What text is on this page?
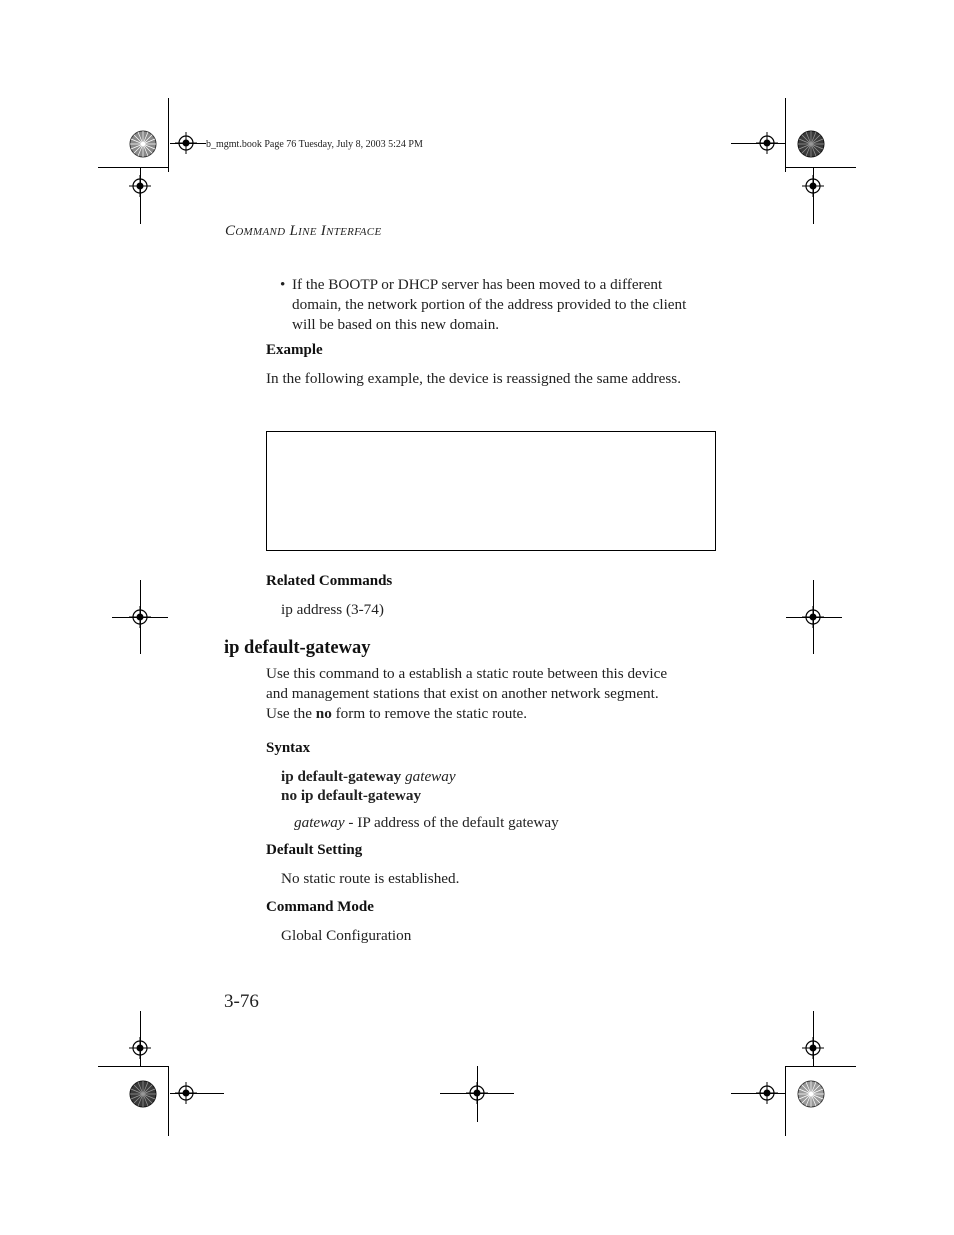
b_mgmt.book Page 76 Tuesday, July 8, 2003 5:24 PM
COMMAND LINE INTERFACE
• If the BOOTP or DHCP server has been moved to a different domain, the network portion of the address provided to the client will be based on this new domain.
Example
In the following example, the device is reassigned the same address.
Related Commands
ip address (3-74)
ip default-gateway
Use this command to a establish a static route between this device
and management stations that exist on another network segment.
Use the no form to remove the static route.
Syntax
ip default-gateway gateway
no ip default-gateway
gateway - IP address of the default gateway
Default Setting
No static route is established.
Command Mode
Global Configuration
3-76
